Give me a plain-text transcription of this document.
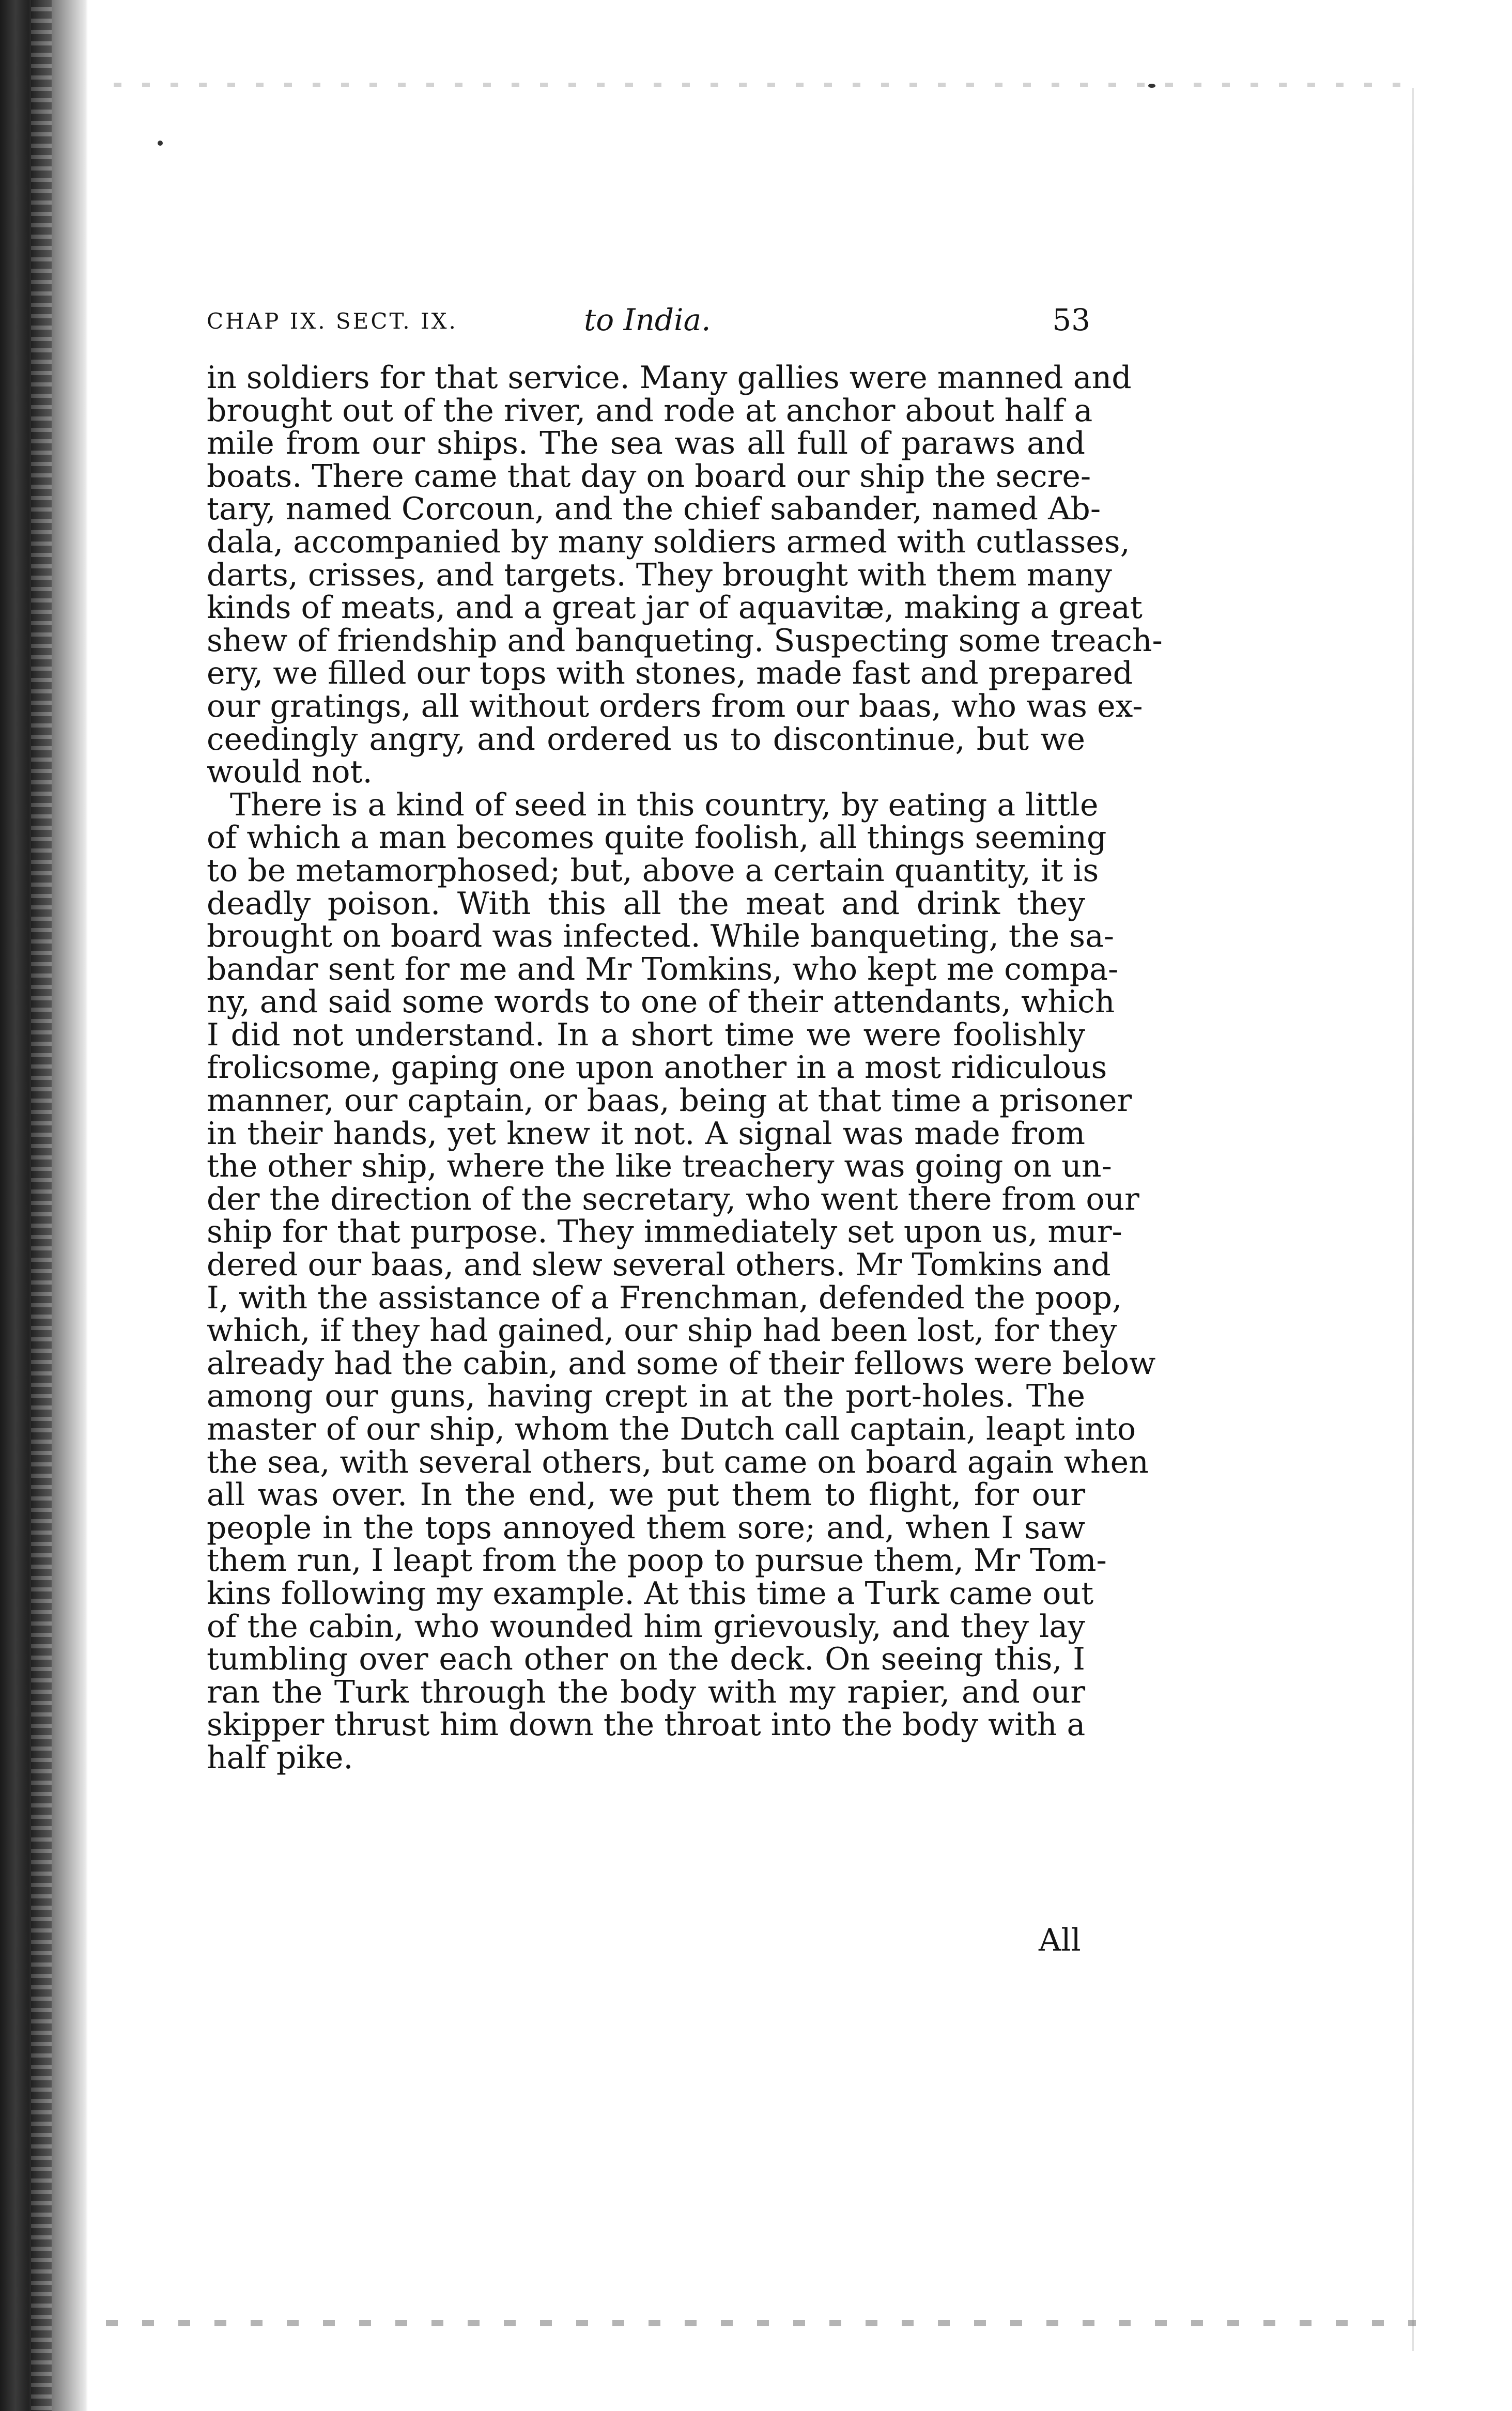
CHAP IX. SECT. IX.	to India.	53
in soldiers for that service. Many gallies were manned and
brought out of the river, and rode at anchor about half a
mile from our ships. The sea was all full of paraws and
boats. There came that day on board our ship the secre-
tary, named Corcoun, and the chief sabander, named Ab-
dala, accompanied by many soldiers armed with cutlasses,
darts, crisses, and targets. They brought with them many
kinds of meats, and a great jar of aquavitæ, making a great
shew of friendship and banqueting. Suspecting some treach-
ery, we filled our tops with stones, made fast and prepared
our gratings, all without orders from our baas, who was ex-
ceedingly angry, and ordered us to discontinue, but we
would not.
There is a kind of seed in this country, by eating a little
of which a man becomes quite foolish, all things seeming
to be metamorphosed; but, above a certain quantity, it is
deadly poison. With this all the meat and drink they
brought on board was infected. While banqueting, the sa-
bandar sent for me and Mr Tomkins, who kept me compa-
ny, and said some words to one of their attendants, which
I did not understand. In a short time we were foolishly
frolicsome, gaping one upon another in a most ridiculous
manner, our captain, or baas, being at that time a prisoner
in their hands, yet knew it not. A signal was made from
the other ship, where the like treachery was going on un-
der the direction of the secretary, who went there from our
ship for that purpose. They immediately set upon us, mur-
dered our baas, and slew several others. Mr Tomkins and
I, with the assistance of a Frenchman, defended the poop,
which, if they had gained, our ship had been lost, for they
already had the cabin, and some of their fellows were below
among our guns, having crept in at the port-holes. The
master of our ship, whom the Dutch call captain, leapt into
the sea, with several others, but came on board again when
all was over. In the end, we put them to flight, for our
people in the tops annoyed them sore; and, when I saw
them run, I leapt from the poop to pursue them, Mr Tom-
kins following my example. At this time a Turk came out
of the cabin, who wounded him grievously, and they lay
tumbling over each other on the deck. On seeing this, I
ran the Turk through the body with my rapier, and our
skipper thrust him down the throat into the body with a
half pike.
All
